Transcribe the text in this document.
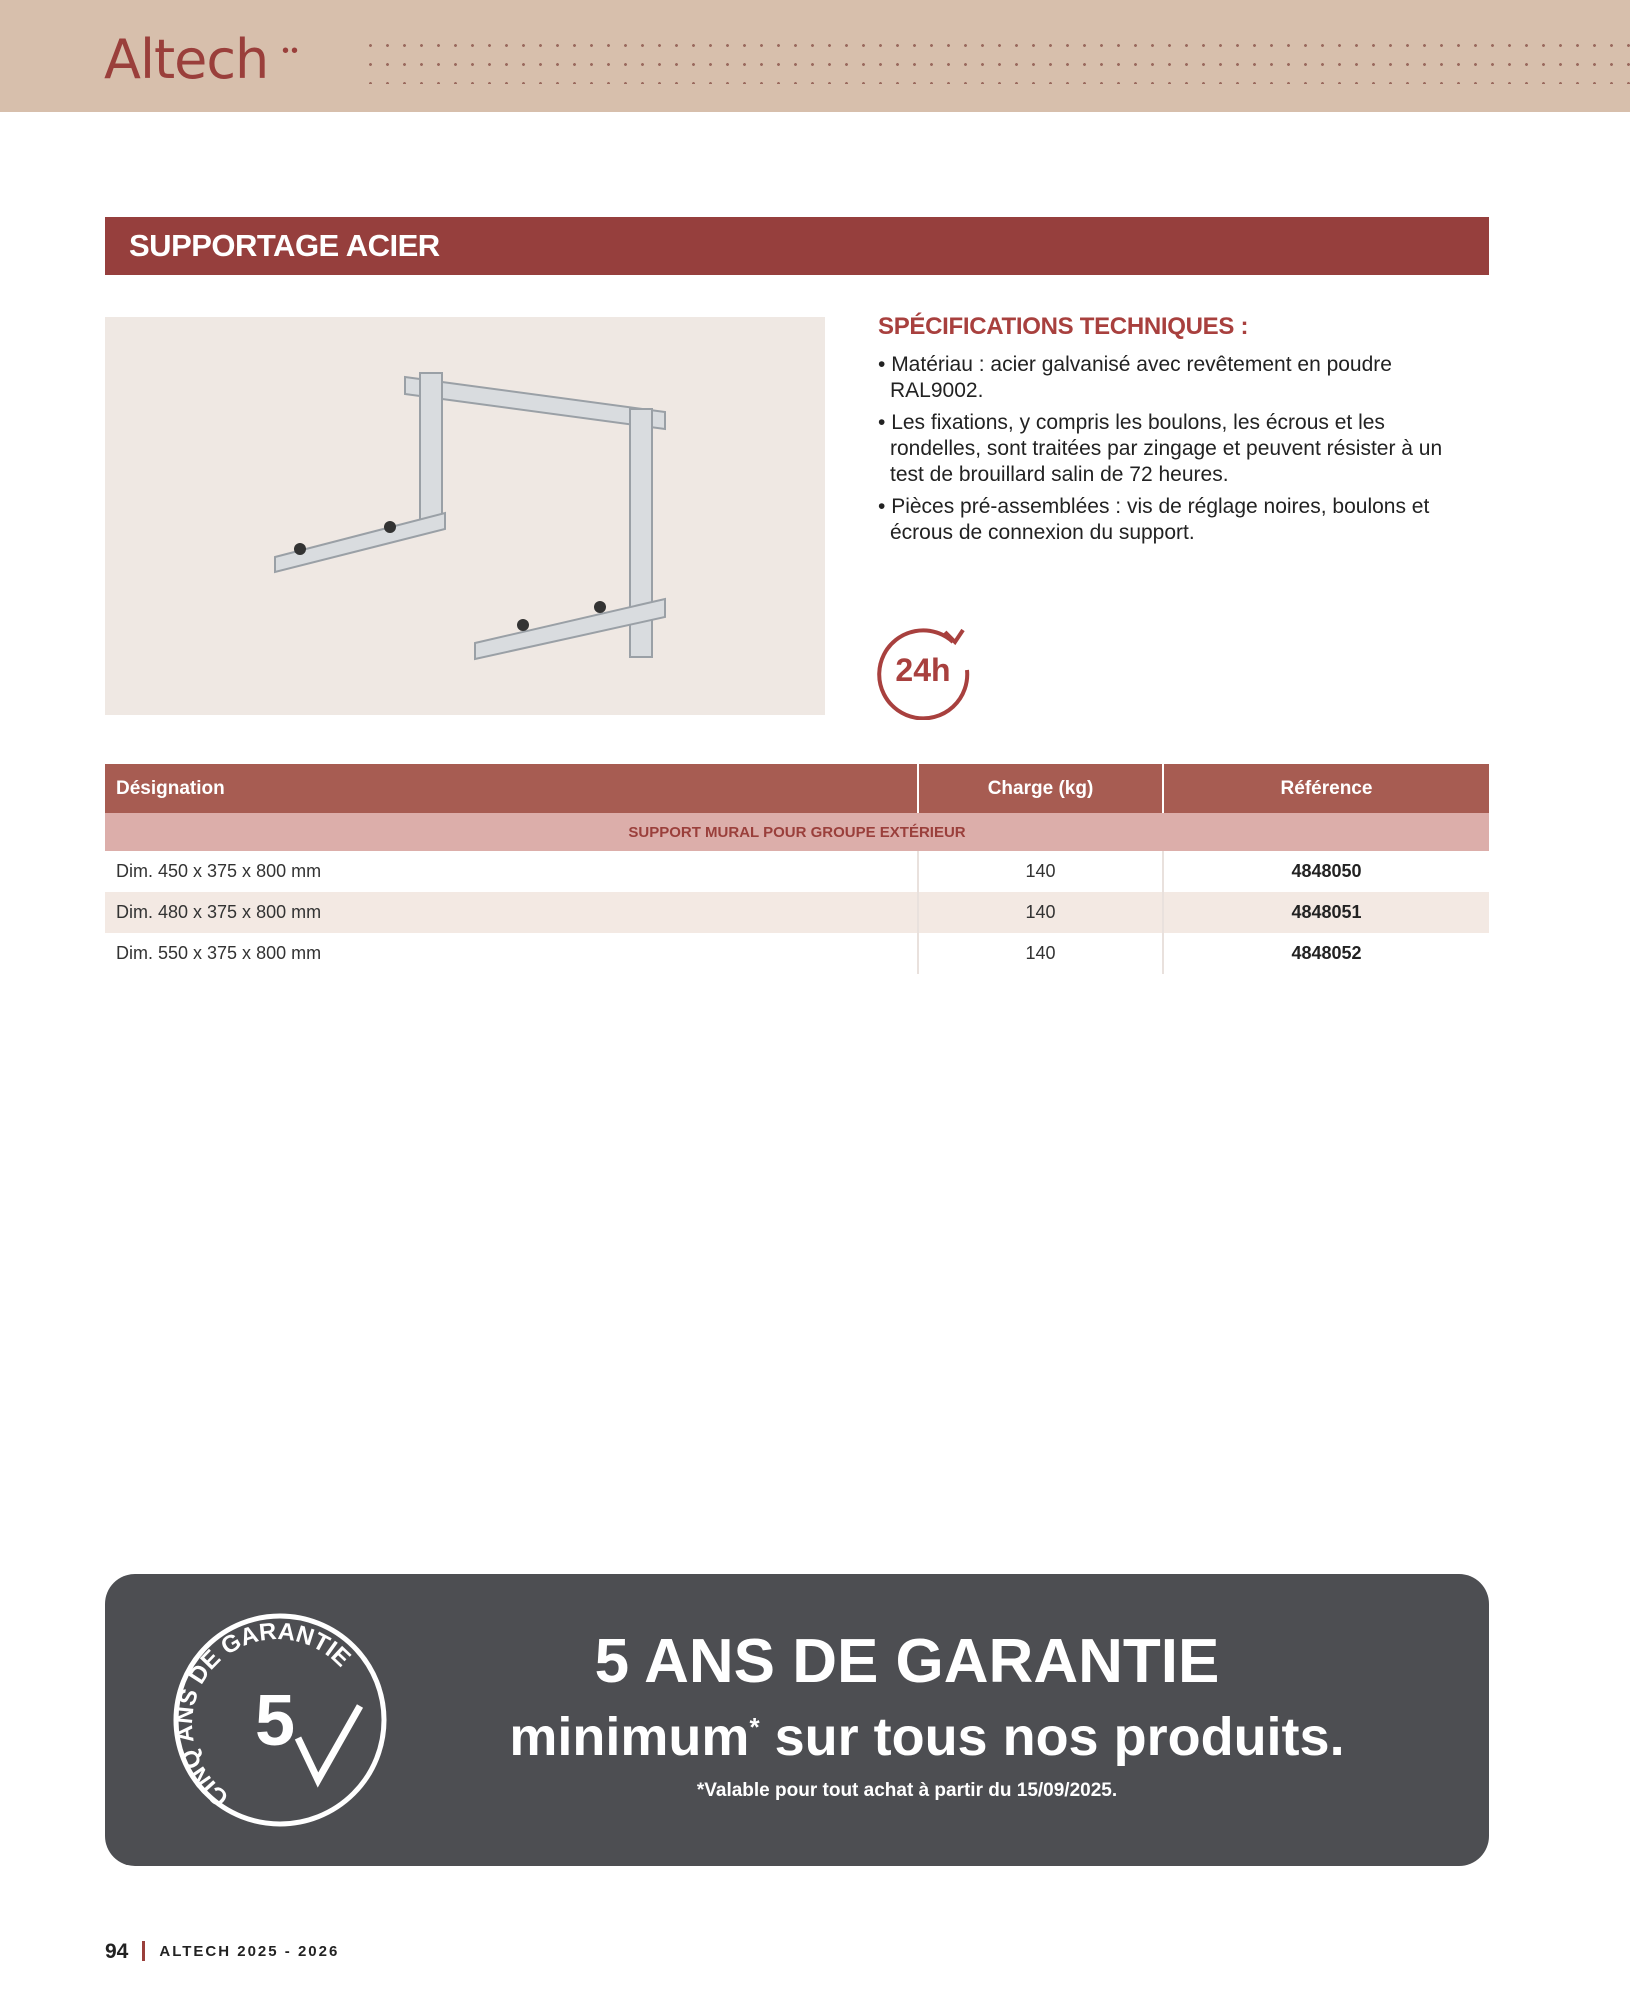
Altech ••
SUPPORTAGE ACIER
SPÉCIFICATIONS TECHNIQUES :
• Matériau : acier galvanisé avec revêtement en poudre RAL9002.
• Les fixations, y compris les boulons, les écrous et les rondelles, sont traitées par zingage et peuvent résister à un test de brouillard salin de 72 heures.
• Pièces pré-assemblées : vis de réglage noires, boulons et écrous de connexion du support.
24h
Désignation	Charge (kg)	Référence
SUPPORT MURAL POUR GROUPE EXTÉRIEUR		
Dim. 450 x 375 x 800 mm	140	4848050
Dim. 480 x 375 x 800 mm	140	4848051
Dim. 550 x 375 x 800 mm	140	4848052
CINQ ANS DE GARANTIE
5
5 ANS DE GARANTIE
minimum* sur tous nos produits.
*Valable pour tout achat à partir du 15/09/2025.
94 ALTECH 2025 - 2026
